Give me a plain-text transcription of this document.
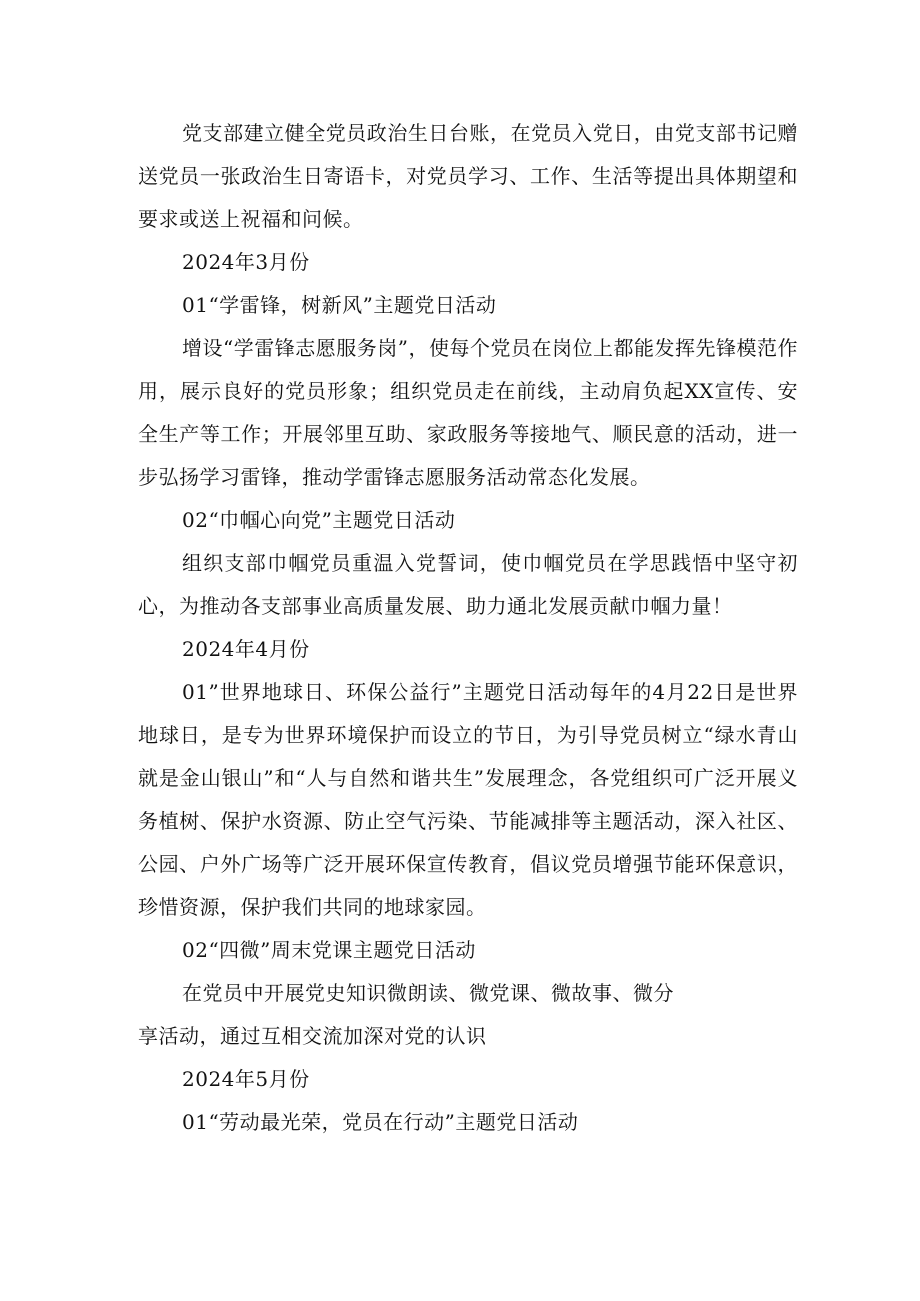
党支部建立健全党员政治生日台账，在党员入党日，由党支部书记赠送党员一张政治生日寄语卡，对党员学习、工作、生活等提出具体期望和要求或送上祝福和问候。

2024年3月份

01“学雷锋，树新风”主题党日活动

增设“学雷锋志愿服务岗”，使每个党员在岗位上都能发挥先锋模范作用，展示良好的党员形象；组织党员走在前线，主动肩负起XX宣传、安全生产等工作；开展邻里互助、家政服务等接地气、顺民意的活动，进一步弘扬学习雷锋，推动学雷锋志愿服务活动常态化发展。

02“巾帼心向党”主题党日活动

组织支部巾帼党员重温入党誓词，使巾帼党员在学思践悟中坚守初心，为推动各支部事业高质量发展、助力通北发展贡献巾帼力量！

2024年4月份

01”世界地球日、环保公益行”主题党日活动每年的4月22日是世界地球日，是专为世界环境保护而设立的节日，为引导党员树立“绿水青山就是金山银山”和“人与自然和谐共生”发展理念，各党组织可广泛开展义务植树、保护水资源、防止空气污染、节能减排等主题活动，深入社区、公园、户外广场等广泛开展环保宣传教育，倡议党员增强节能环保意识，珍惜资源，保护我们共同的地球家园。

02“四微”周末党课主题党日活动

在党员中开展党史知识微朗读、微党课、微故事、微分

享活动，通过互相交流加深对党的认识

2024年5月份

01“劳动最光荣，党员在行动”主题党日活动
